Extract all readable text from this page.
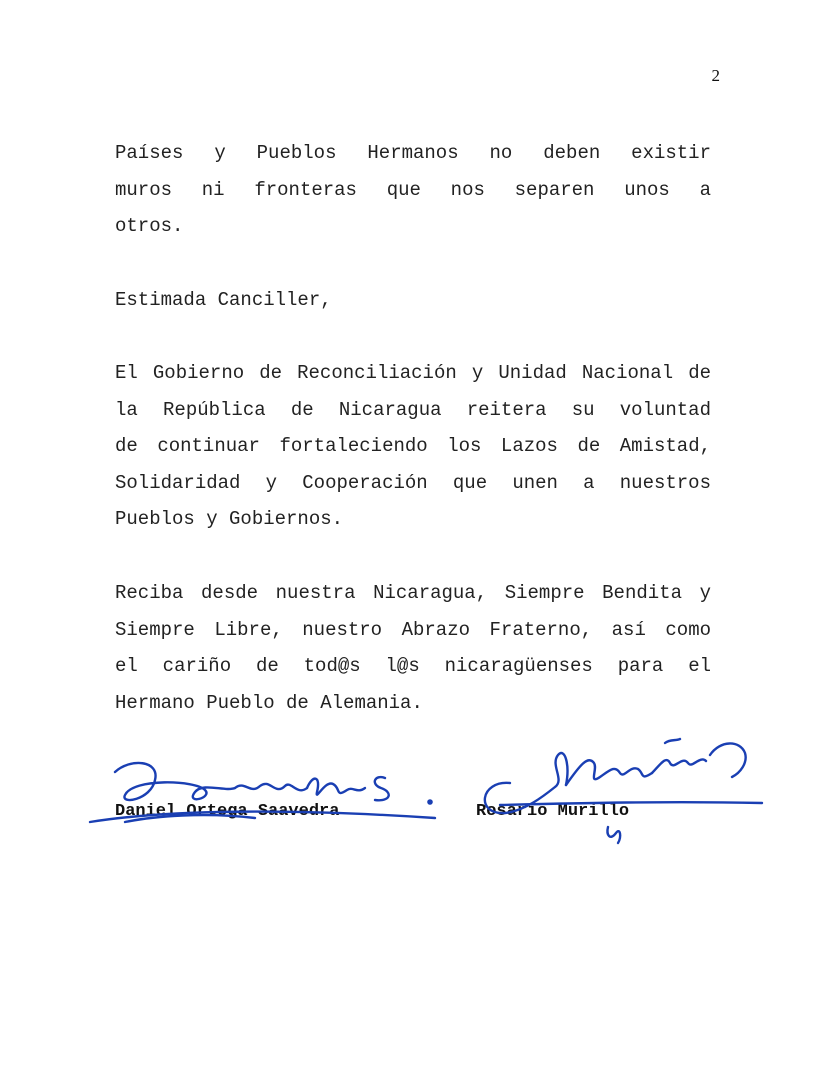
2
Países y Pueblos Hermanos no deben existir
muros ni fronteras que nos separen unos a
otros.
Estimada Canciller,
El Gobierno de Reconciliación y Unidad Nacional de
la República de Nicaragua reitera su voluntad
de continuar fortaleciendo los Lazos de Amistad,
Solidaridad y Cooperación que unen a nuestros
Pueblos y Gobiernos.
Reciba desde nuestra Nicaragua, Siempre Bendita y
Siempre Libre, nuestro Abrazo Fraterno, así como
el cariño de tod@s l@s nicaragüenses para el
Hermano Pueblo de Alemania.
Daniel Ortega Saavedra	Rosario Murillo
